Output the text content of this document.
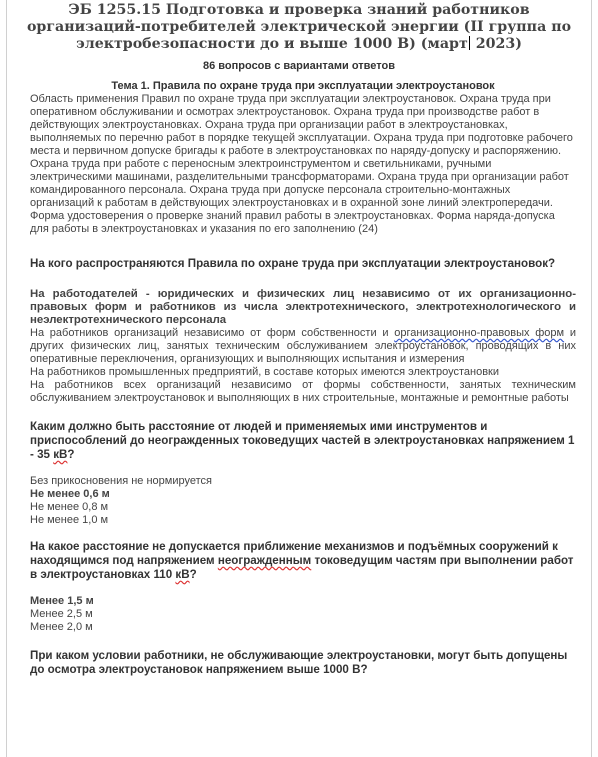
ЭБ 1255.15 Подготовка и проверка знаний работников организаций-потребителей электрической энергии (II группа по электробезопасности до и выше 1000 В) (март 2023)
86 вопросов с вариантами ответов

Тема 1. Правила по охране труда при эксплуатации электроустановок

Область применения Правил по охране труда при эксплуатации электроустановок. Охрана труда при оперативном обслуживании и осмотрах электроустановок. Охрана труда при производстве работ в действующих электроустановках. Охрана труда при организации работ в электроустановках, выполняемых по перечню работ в порядке текущей эксплуатации. Охрана труда при подготовке рабочего места и первичном допуске бригады к работе в электроустановках по наряду-допуску и распоряжению. Охрана труда при работе с переносным электроинструментом и светильниками, ручными электрическими машинами, разделительными трансформаторами. Охрана труда при организации работ командированного персонала. Охрана труда при допуске персонала строительно-монтажных организаций к работам в действующих электроустановках и в охранной зоне линий электропередачи. Форма удостоверения о проверке знаний правил работы в электроустановках. Форма наряда-допуска для работы в электроустановках и указания по его заполнению (24)

На кого распространяются Правила по охране труда при эксплуатации электроустановок?

На работодателей - юридических и физических лиц независимо от их организационно-правовых форм и работников из числа электротехнического, электротехнологического и неэлектротехнического персонала

На работников организаций независимо от форм собственности и организационно-правовых форм и других физических лиц, занятых техническим обслуживанием электроустановок, проводящих в них оперативные переключения, организующих и выполняющих испытания и измерения

На работников промышленных предприятий, в составе которых имеются электроустановки

На работников всех организаций независимо от формы собственности, занятых техническим обслуживанием электроустановок и выполняющих в них строительные, монтажные и ремонтные работы

Каким должно быть расстояние от людей и применяемых ими инструментов и приспособлений до неогражденных токоведущих частей в электроустановках напряжением 1 - 35 кВ?

Без прикосновения не нормируется

Не менее 0,6 м

Не менее 0,8 м

Не менее 1,0 м

На какое расстояние не допускается приближение механизмов и подъёмных сооружений к находящимся под напряжением неогражденным токоведущим частям при выполнении работ в электроустановках 110 кВ?

Менее 1,5 м

Менее 2,5 м

Менее 2,0 м

При каком условии работники, не обслуживающие электроустановки, могут быть допущены до осмотра электроустановок напряжением выше 1000 В?
